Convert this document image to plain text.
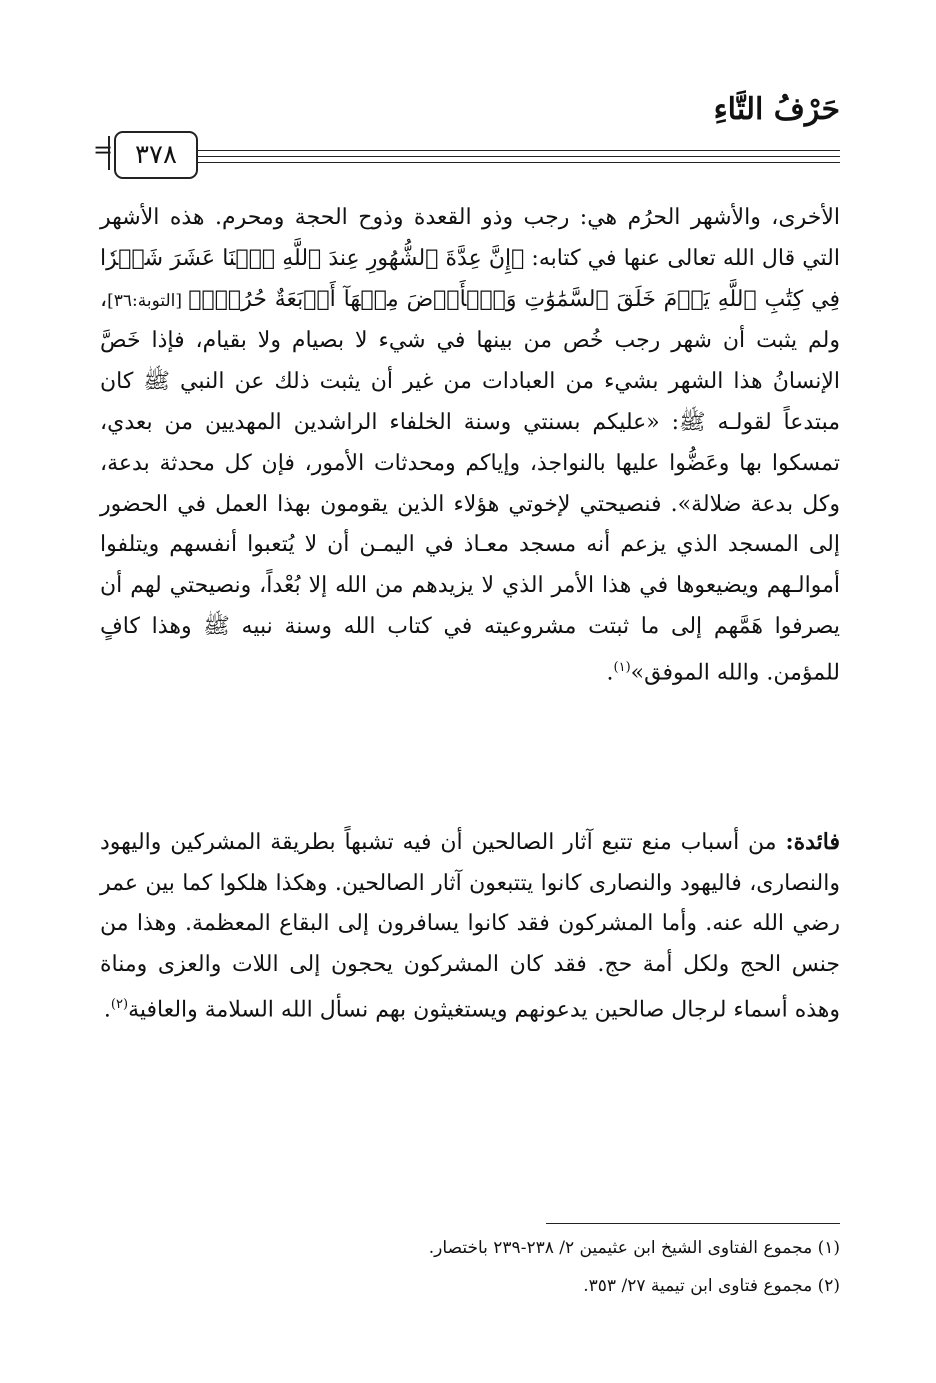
حَرْفُ التَّاءِ
= ٣٧٨
الأخرى، والأشهر الحرُم هي: رجب وذو القعدة وذوح الحجة ومحرم. هذه الأشهر التي قال الله تعالى عنها في كتابه: ﴿إِنَّ عِدَّةَ ٱلشُّهُورِ عِندَ ٱللَّهِ ٱثۡنَا عَشَرَ شَهۡرٗا فِي كِتَٰبِ ٱللَّهِ يَوۡمَ خَلَقَ ٱلسَّمَٰوَٰتِ وَٱلۡأَرۡضَ مِنۡهَآ أَرۡبَعَةٌ حُرُمٞۚ﴾ [التوبة:٣٦]، ولم يثبت أن شهر رجب خُص من بينها في شيء لا بصيام ولا بقيام، فإذا خَصَّ الإنسانُ هذا الشهر بشيء من العبادات من غير أن يثبت ذلك عن النبي ﷺ كان مبتدعاً لقولـه ﷺ: «عليكم بسنتي وسنة الخلفاء الراشدين المهديين من بعدي، تمسكوا بها وعَضُّوا عليها بالنواجذ، وإياكم ومحدثات الأمور، فإن كل محدثة بدعة، وكل بدعة ضلالة». فنصيحتي لإخوتي هؤلاء الذين يقومون بهذا العمل في الحضور إلى المسجد الذي يزعم أنه مسجد معـاذ في اليمـن أن لا يُتعبوا أنفسهم ويتلفوا أموالـهم ويضيعوها في هذا الأمر الذي لا يزيدهم من الله إلا بُعْداً، ونصيحتي لهم أن يصرفوا هَمَّهم إلى ما ثبتت مشروعيته في كتاب الله وسنة نبيه ﷺ وهذا كافٍ للمؤمن. والله الموفق»$^{(١)}$.
فائدة: من أسباب منع تتبع آثار الصالحين أن فيه تشبهاً بطريقة المشركين واليهود والنصارى، فاليهود والنصارى كانوا يتتبعون آثار الصالحين. وهكذا هلكوا كما بين عمر رضي الله عنه. وأما المشركون فقد كانوا يسافرون إلى البقاع المعظمة. وهذا من جنس الحج ولكل أمة حج. فقد كان المشركون يحجون إلى اللات والعزى ومناة وهذه أسماء لرجال صالحين يدعونهم ويستغيثون بهم نسأل الله السلامة والعافية$^{(٢)}$.
(١) مجموع الفتاوى الشيخ ابن عثيمين ٢/ ٢٣٨-٢٣٩ باختصار.
(٢) مجموع فتاوى ابن تيمية ٢٧/ ٣٥٣.
